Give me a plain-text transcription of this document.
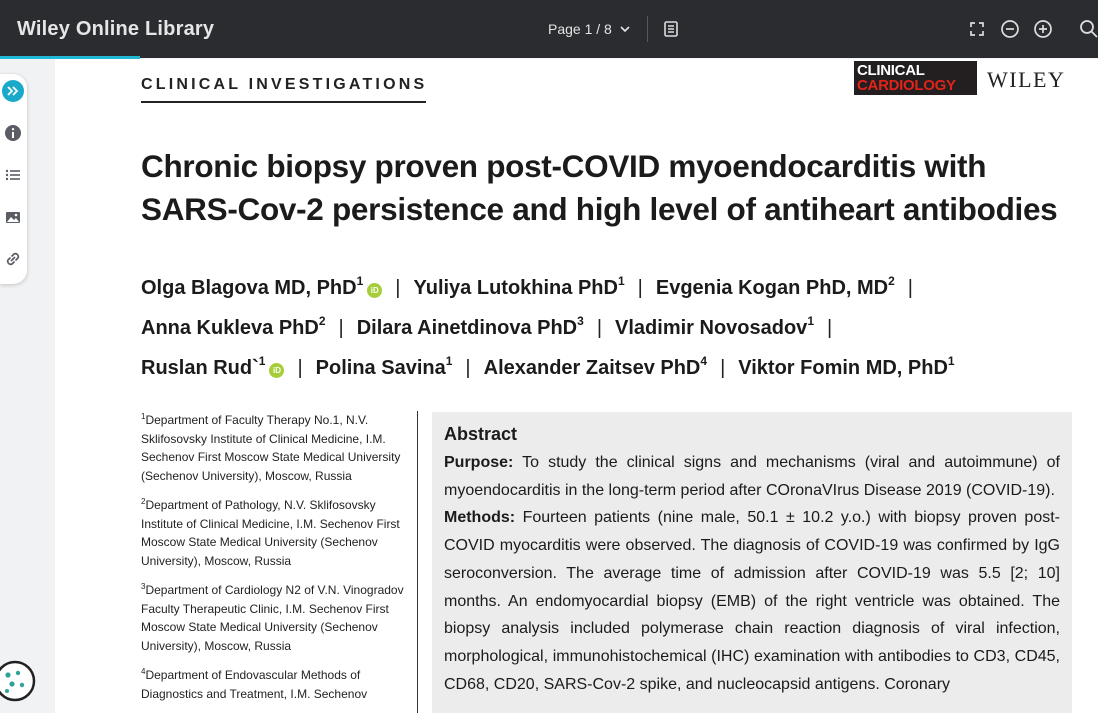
Wiley Online Library	Page 1 / 8
CLINICAL INVESTIGATIONS
CLINICAL
CARDIOLOGY WILEY
Chronic biopsy proven post-COVID myoendocarditis with SARS-Cov-2 persistence and high level of antiheart antibodies
Olga Blagova MD, PhD$^1$iD | Yuliya Lutokhina PhD$^1$ | Evgenia Kogan PhD, $MD^2$ |
Anna Kukleva PhD$^2$ | Dilara Ainetdinova PhD$^3$ | Vladimir Novosadov$^1$ |
Ruslan Rud`$^1$iD | Polina Savina$^1$ | Alexander Zaitsev PhD$^4$ | Viktor Fomin MD, PhD$^1$
$^1$Department of Faculty Therapy No.1, N.V. Sklifosovsky Institute of Clinical Medicine, I.M. Sechenov First Moscow State Medical University (Sechenov University), Moscow, Russia
$^2$Department of Pathology, N.V. Sklifosovsky Institute of Clinical Medicine, I.M. Sechenov First Moscow State Medical University (Sechenov University), Moscow, Russia
$^3$Department of Cardiology N2 of V.N. Vinogradov Faculty Therapeutic Clinic, I.M. Sechenov First Moscow State Medical University (Sechenov University), Moscow, Russia
$^4$Department of Endovascular Methods of Diagnostics and Treatment, I.M. Sechenov
Abstract

Purpose: To study the clinical signs and mechanisms (viral and autoimmune) of myoendocarditis in the long-term period after COronaVIrus Disease 2019 (COVID-19).

Methods: Fourteen patients (nine male, 50.1 ± 10.2 y.o.) with biopsy proven post-COVID myocarditis were observed. The diagnosis of COVID-19 was confirmed by IgG seroconversion. The average time of admission after COVID-19 was 5.5 [2; 10] months. An endomyocardial biopsy (EMB) of the right ventricle was obtained. The biopsy analysis included polymerase chain reaction diagnosis of viral infection, morphological, immunohistochemical (IHC) examination with antibodies to CD3, CD45, CD68, CD20, SARS-Cov-2 spike, and nucleocapsid antigens. Coronary
